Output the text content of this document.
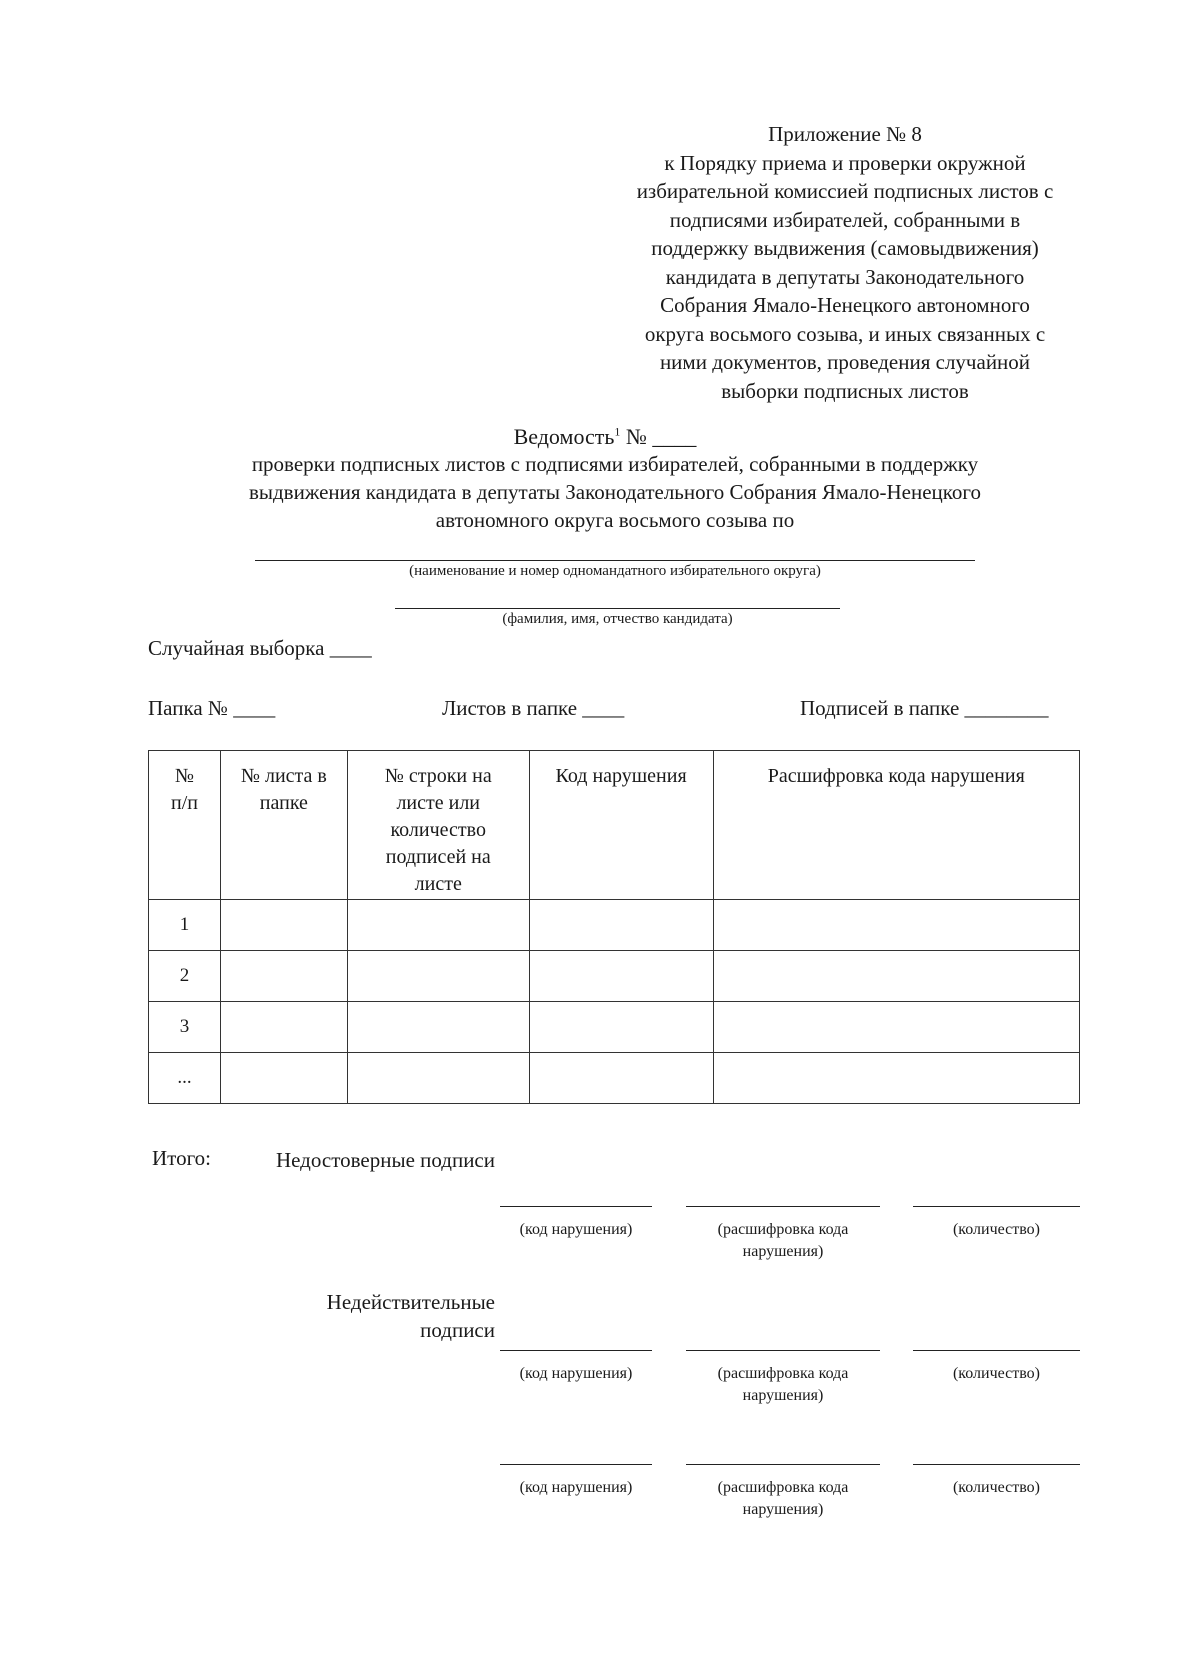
Приложение № 8
к Порядку приема и проверки окружной
избирательной комиссией подписных листов с
подписями избирателей, собранными в
поддержку выдвижения (самовыдвижения)
кандидата в депутаты Законодательного
Собрания Ямало-Ненецкого автономного
округа восьмого созыва, и иных связанных с
ними документов, проведения случайной
выборки подписных листов
Ведомость$^1$ № ____
проверки подписных листов с подписями избирателей, собранными в поддержку
выдвижения кандидата в депутаты Законодательного Собрания Ямало-Ненецкого
автономного округа восьмого созыва по
(наименование и номер одномандатного избирательного округа)
(фамилия, имя, отчество кандидата)
Случайная выборка ____
Папка № ____	Листов в папке ____	Подписей в папке ________
№ п/п	№ листа в папке	№ строки на листе или количество подписей на листе	Код нарушения	Расшифровка кода нарушения
1				
2				
3				
...				
Итого:	Недостоверные подписи
(код нарушения)	(расшифровка кода нарушения)
(количество)
Недействительные подписи
(код нарушения)	(расшифровка кода нарушения)
(количество)
(код нарушения)	(расшифровка кода нарушения)
(количество)
